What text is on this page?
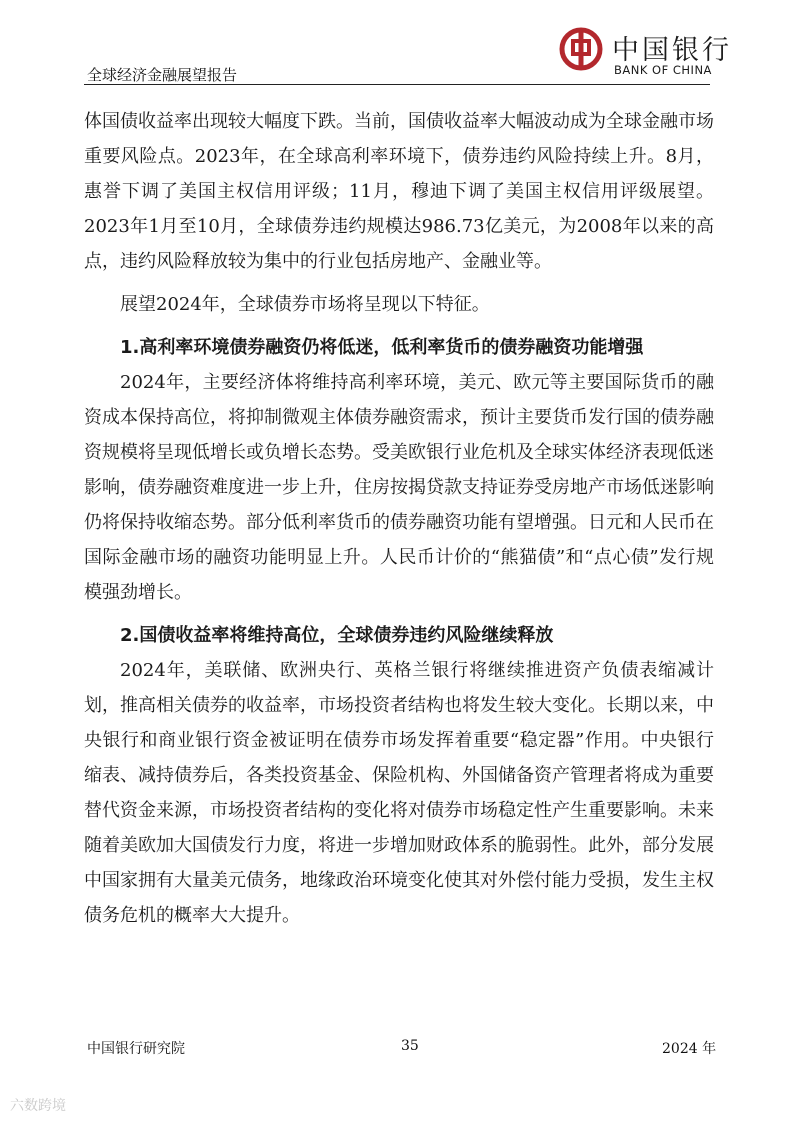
全球经济金融展望报告
中国银行
BANK OF CHINA

体国债收益率出现较大幅度下跌。当前，国债收益率大幅波动成为全球金融市场重要风险点。2023年，在全球高利率环境下，债券违约风险持续上升。8月，惠誉下调了美国主权信用评级；11月，穆迪下调了美国主权信用评级展望。2023年1月至10月，全球债券违约规模达986.73亿美元，为2008年以来的高点，违约风险释放较为集中的行业包括房地产、金融业等。

展望2024年，全球债券市场将呈现以下特征。

1.高利率环境债券融资仍将低迷，低利率货币的债券融资功能增强

2024年，主要经济体将维持高利率环境，美元、欧元等主要国际货币的融资成本保持高位，将抑制微观主体债券融资需求，预计主要货币发行国的债券融资规模将呈现低增长或负增长态势。受美欧银行业危机及全球实体经济表现低迷影响，债券融资难度进一步上升，住房按揭贷款支持证券受房地产市场低迷影响仍将保持收缩态势。部分低利率货币的债券融资功能有望增强。日元和人民币在国际金融市场的融资功能明显上升。人民币计价的“熊猫债”和“点心债”发行规模强劲增长。

2.国债收益率将维持高位，全球债券违约风险继续释放

2024年，美联储、欧洲央行、英格兰银行将继续推进资产负债表缩减计划，推高相关债券的收益率，市场投资者结构也将发生较大变化。长期以来，中央银行和商业银行资金被证明在债券市场发挥着重要“稳定器”作用。中央银行缩表、减持债券后，各类投资基金、保险机构、外国储备资产管理者将成为重要替代资金来源，市场投资者结构的变化将对债券市场稳定性产生重要影响。未来随着美欧加大国债发行力度，将进一步增加财政体系的脆弱性。此外，部分发展中国家拥有大量美元债务，地缘政治环境变化使其对外偿付能力受损，发生主权债务危机的概率大大提升。

中国银行研究院	35	2024 年
六数跨境
